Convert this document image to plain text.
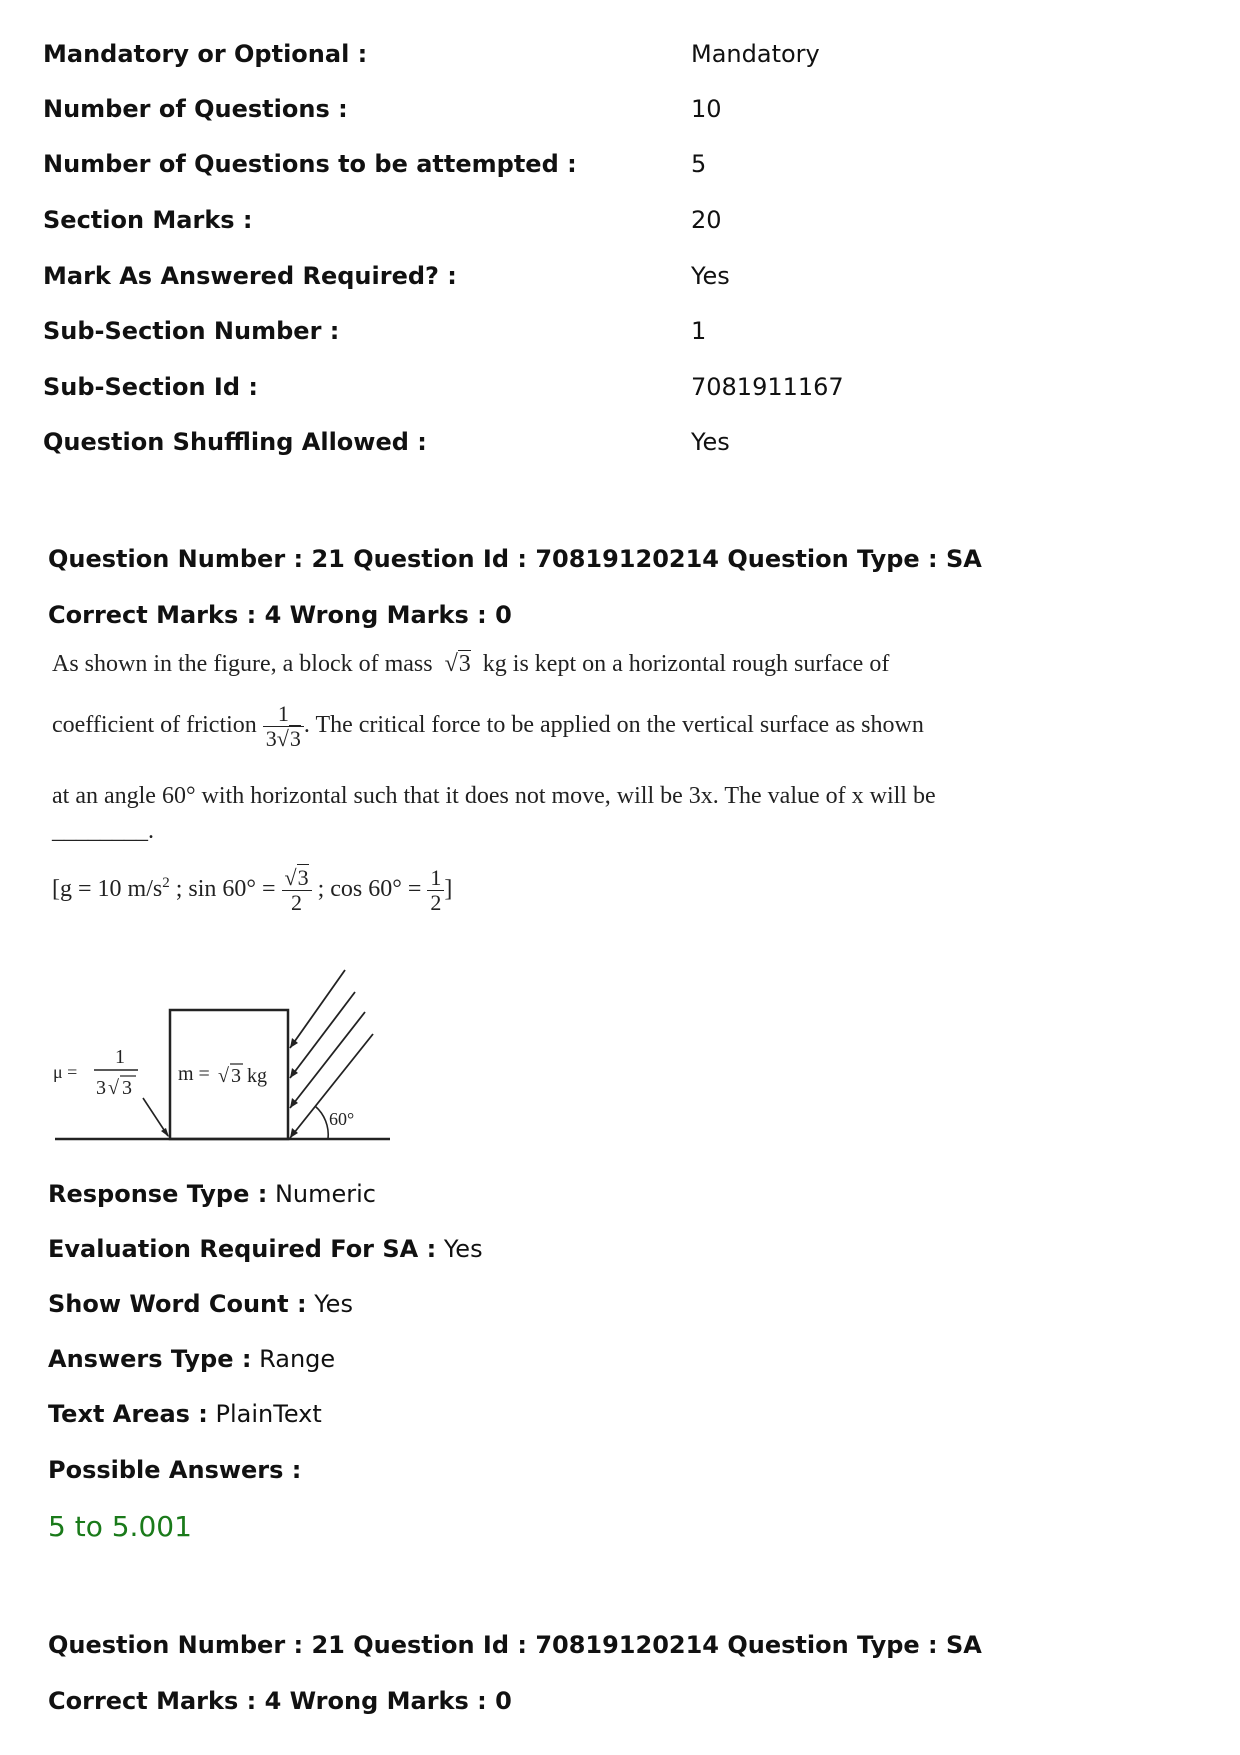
Mandatory or Optional :	Mandatory
Number of Questions :	10
Number of Questions to be attempted :	5
Section Marks :	20
Mark As Answered Required? :	Yes
Sub-Section Number :	1
Sub-Section Id :	7081911167
Question Shuffling Allowed :	Yes
Question Number : 21 Question Id : 70819120214 Question Type : SA
Correct Marks : 4 Wrong Marks : 0
As shown in the figure, a block of mass  √3 kg is kept on a horizontal rough surface of
coefficient of friction $\frac{1}{3√3}$ . The critical force to be applied on the vertical surface as shown
at an angle 60° with horizontal such that it does not move, will be 3x. The value of x will be
________.
[g = 10 $m/s^2$ ; $\sin 60^\circ = \frac{√3}{2}$ ; $\cos 60^\circ = \frac{1}{2}$ ]
μ =
1
3 √ 3
m = √ 3 kg
60°
Response Type : Numeric
Evaluation Required For SA : Yes
Show Word Count : Yes
Answers Type : Range
Text Areas : PlainText
Possible Answers :
5 to 5.001
Question Number : 21 Question Id : 70819120214 Question Type : SA
Correct Marks : 4 Wrong Marks : 0
